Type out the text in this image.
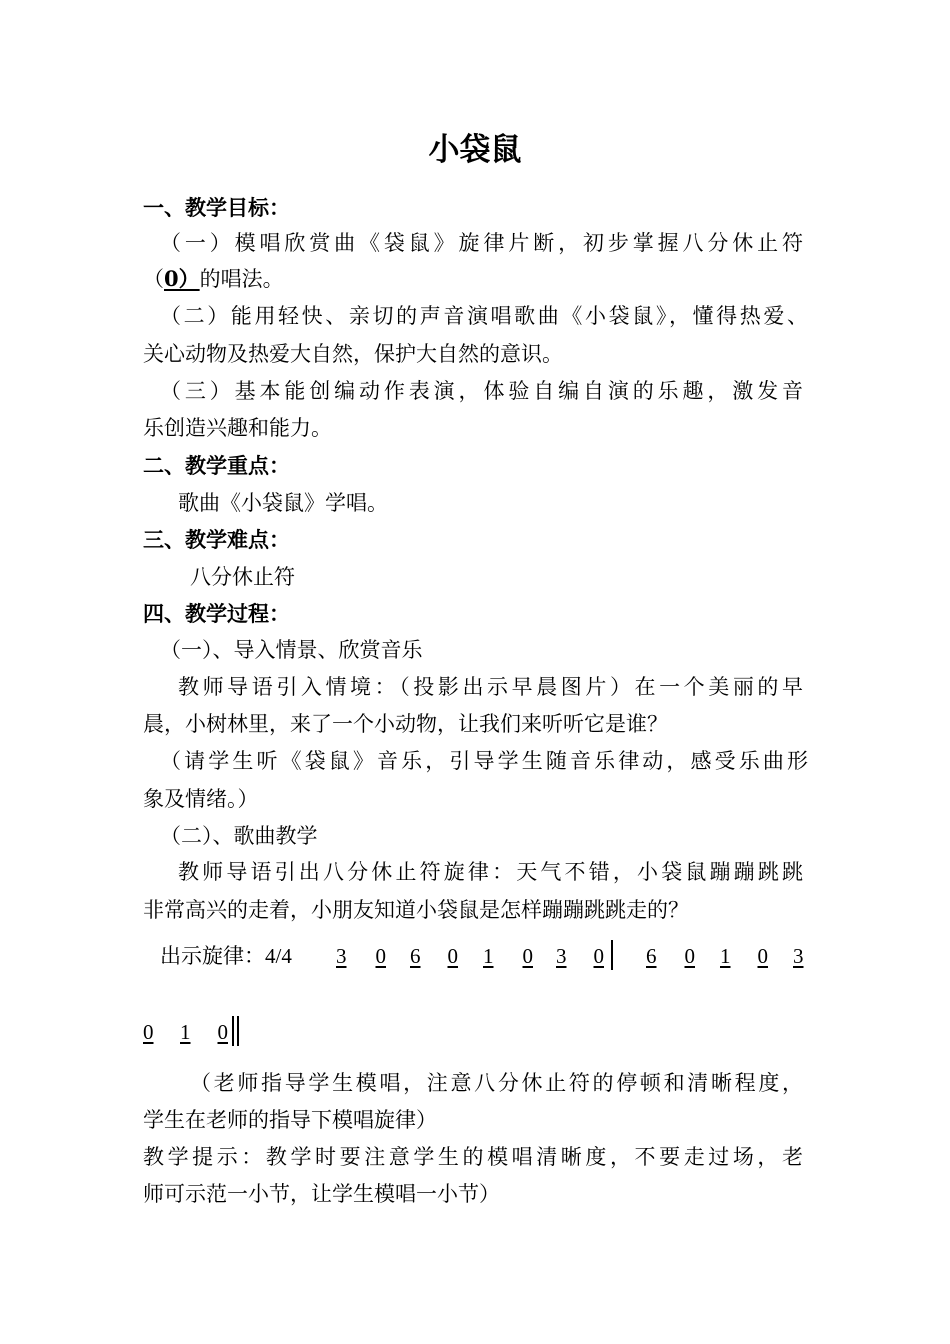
小袋鼠
一、教学目标：
（一）模唱欣赏曲《袋鼠》旋律片断，初步掌握八分休止符
（0）的唱法。
（二）能用轻快、亲切的声音演唱歌曲《小袋鼠》，懂得热爱、
关心动物及热爱大自然，保护大自然的意识。
（三）基本能创编动作表演，体验自编自演的乐趣，激发音
乐创造兴趣和能力。
二、教学重点：
歌曲《小袋鼠》学唱。
三、教学难点：
八分休止符
四、教学过程：
（一）、导入情景、欣赏音乐
教师导语引入情境：（投影出示早晨图片）在一个美丽的早
晨，小树林里，来了一个小动物，让我们来听听它是谁？
（请学生听《袋鼠》音乐，引导学生随音乐律动，感受乐曲形
象及情绪。）
（二）、歌曲教学
教师导语引出八分休止符旋律：天气不错，小袋鼠蹦蹦跳跳
非常高兴的走着，小朋友知道小袋鼠是怎样蹦蹦跳跳走的？
出示旋律：4/4 3	0 6	0 1	0 3	0 6	0 1	0 3
0 1	0
（老师指导学生模唱，注意八分休止符的停顿和清晰程度，
学生在老师的指导下模唱旋律）
教学提示：教学时要注意学生的模唱清晰度，不要走过场，老
师可示范一小节，让学生模唱一小节）
